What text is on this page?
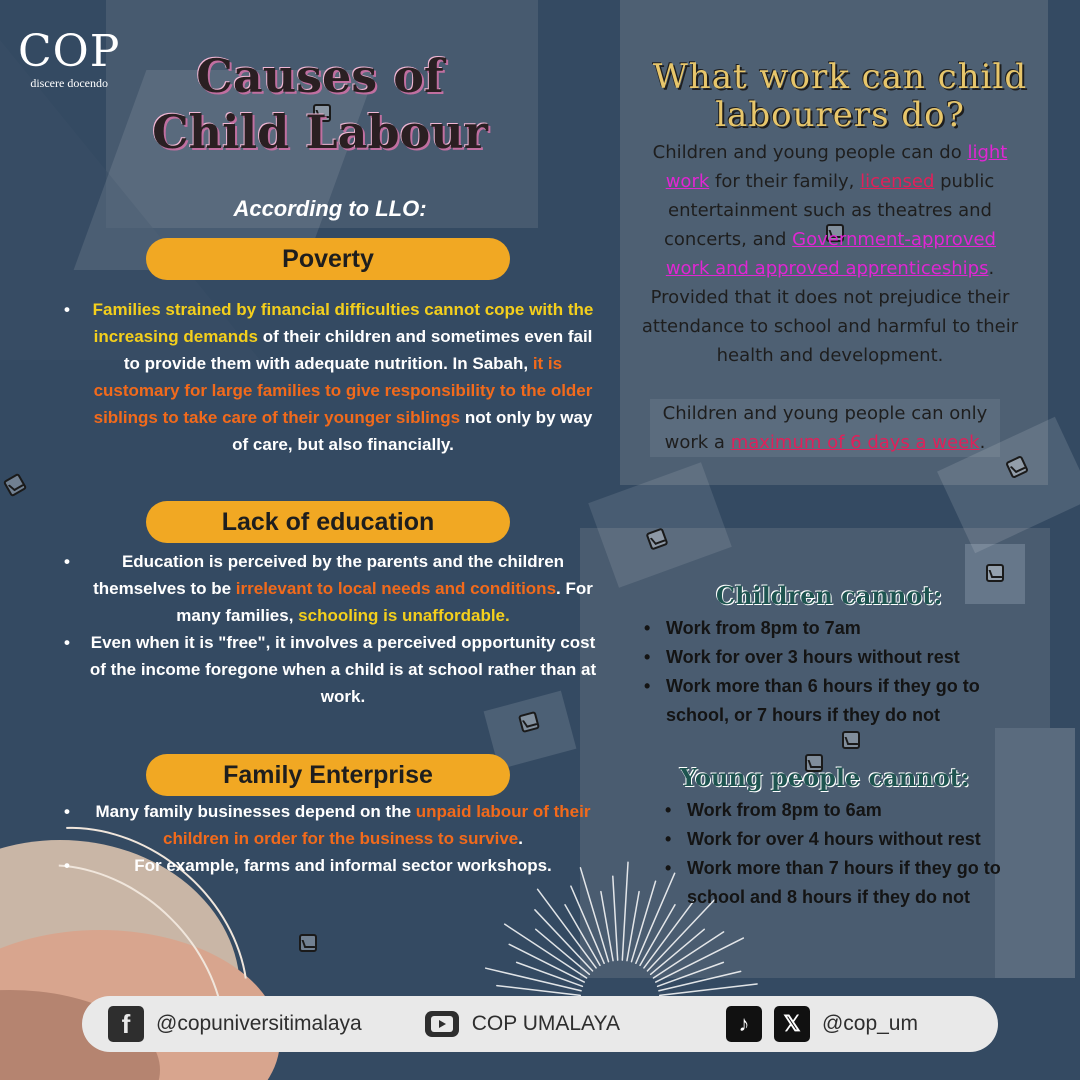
COP
discere docendo	Causes of Child Labour
According to LLO:
Poverty
• Families strained by financial difficulties cannot cope with the increasing demands of their children and sometimes even fail to provide them with adequate nutrition. In Sabah, it is customary for large families to give responsibility to the older siblings to take care of their younger siblings not only by way of care, but also financially.
Lack of education
• Education is perceived by the parents and the children themselves to be irrelevant to local needs and conditions. For many families, schooling is unaffordable.
• Even when it is "free", it involves a perceived opportunity cost of the income foregone when a child is at school rather than at work.
Family Enterprise
• Many family businesses depend on the unpaid labour of their children in order for the business to survive.
• For example, farms and informal sector workshops.
What work can child labourers do?
Children and young people can do light work for their family, licensed public entertainment such as theatres and concerts, and Government-approved work and approved apprenticeships. Provided that it does not prejudice their attendance to school and harmful to their health and development.
Children and young people can only work a maximum of 6 days a week.
Children cannot:
• Work from 8pm to 7am
• Work for over 3 hours without rest
• Work more than 6 hours if they go to school, or 7 hours if they do not
Young people cannot:
• Work from 8pm to 6am
• Work for over 4 hours without rest
• Work more than 7 hours if they go to school and 8 hours if they do not
f	@copuniversitimalaya	COP UMALAYA	♪	𝕏	@cop_um
